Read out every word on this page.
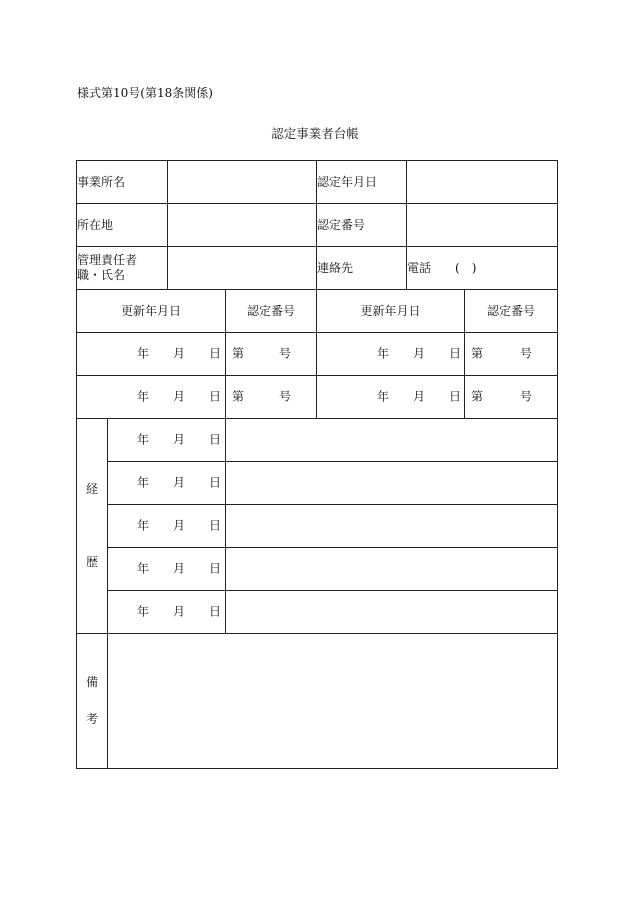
様式第10号(第18条関係)
認定事業者台帳
事業所名				認定年月日		
所在地				認定番号		

管理責任者
職・氏名				連絡先	電話　　(　)	
更新年月日			認定番号	更新年月日		認定番号

年 月 日			第 号	年 月 日		第 号

年 月 日			第 号	年 月 日		第 号

経
歴	年 月 日					

	年 月 日					

	年 月 日					

	年 月 日					

	年 月 日					

備
考						
